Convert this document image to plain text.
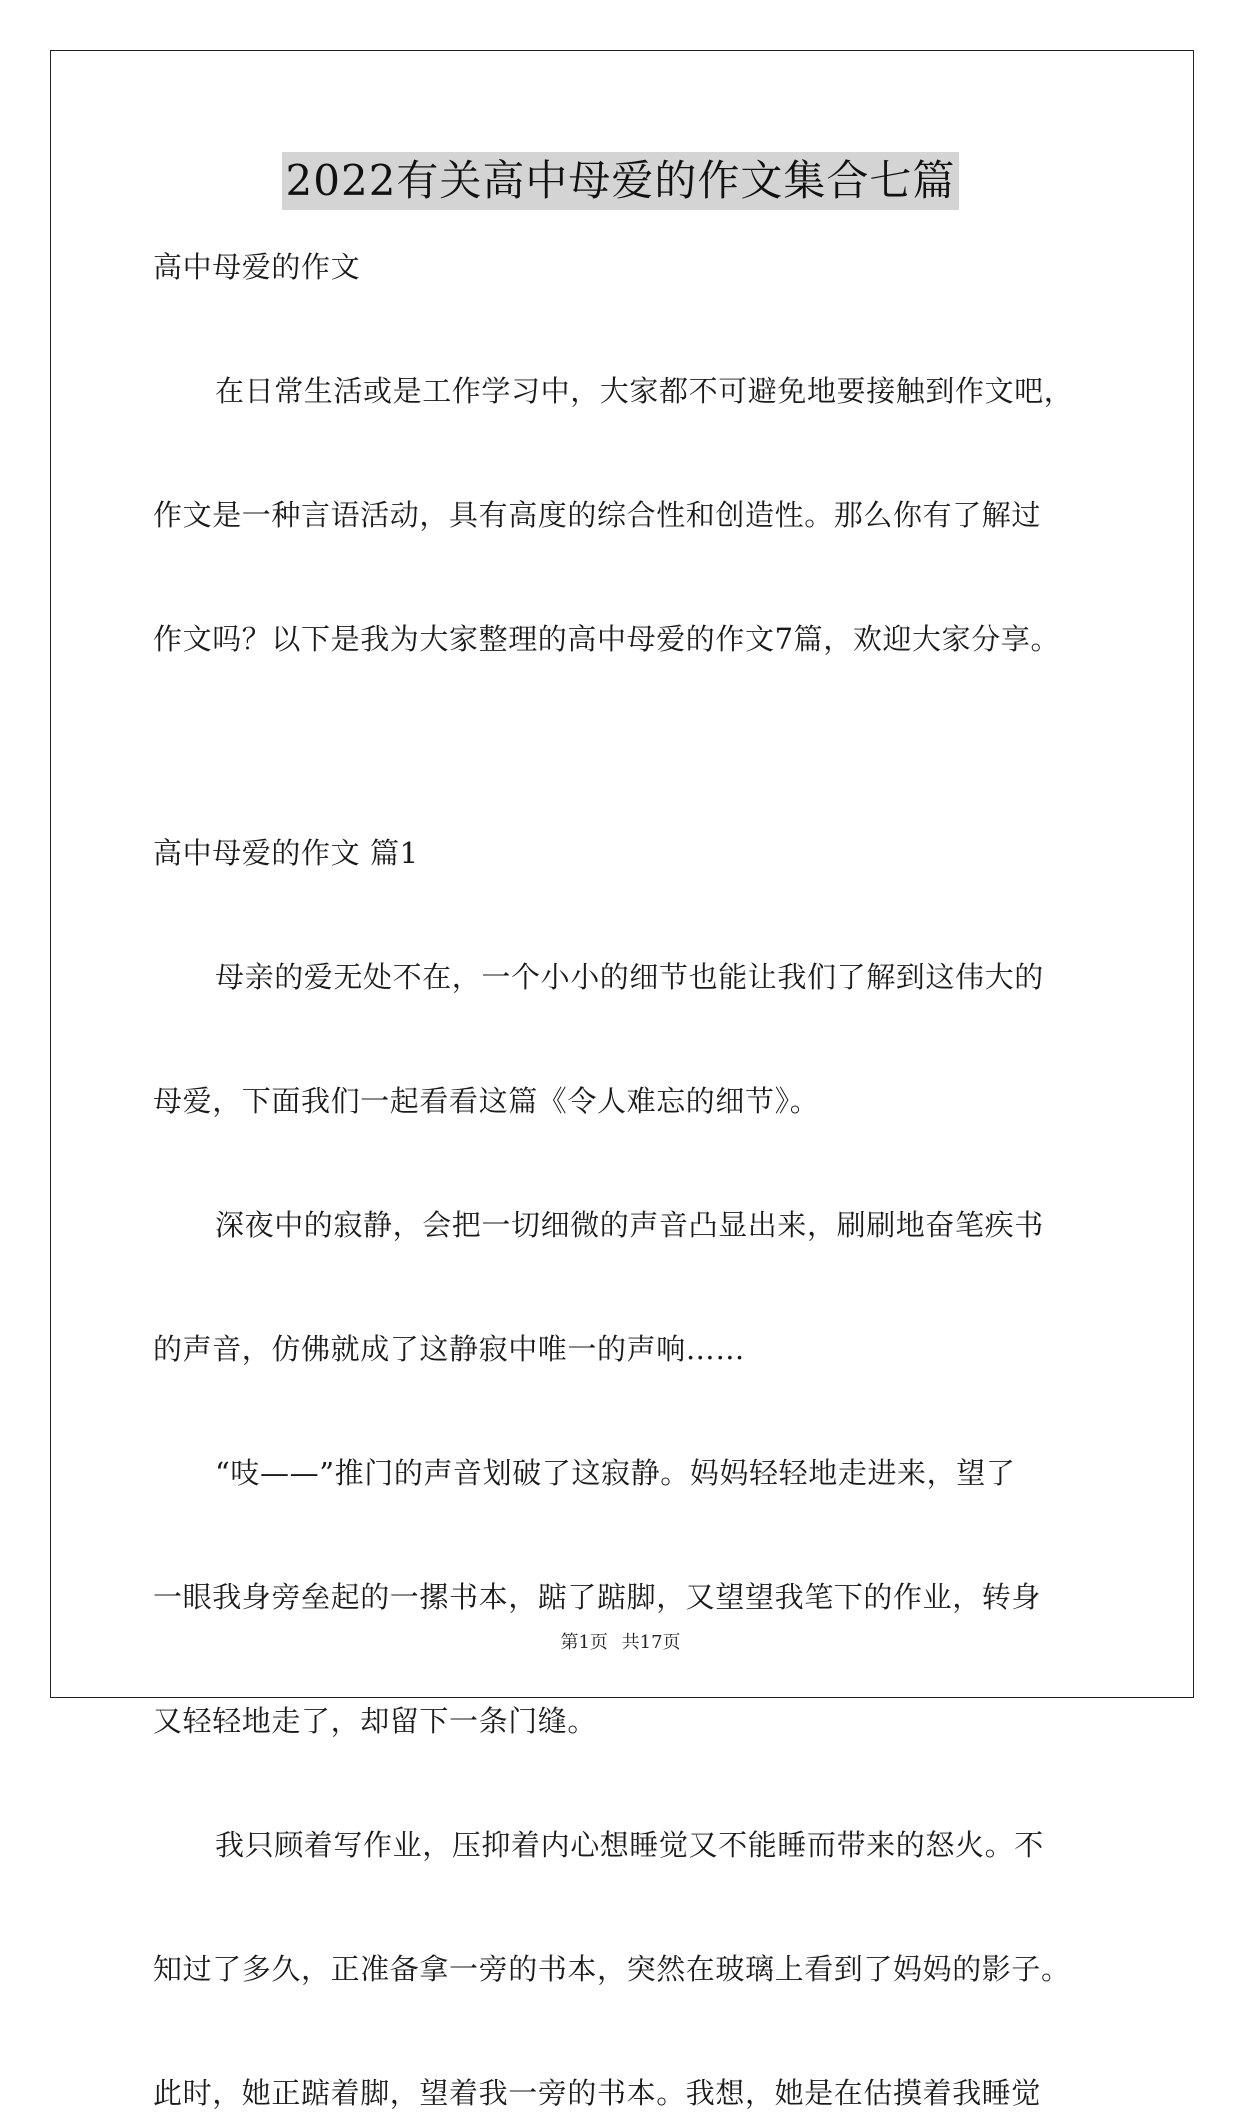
2022有关高中母爱的作文集合七篇
高中母爱的作文
在日常生活或是工作学习中，大家都不可避免地要接触到作文吧，
作文是一种言语活动，具有高度的综合性和创造性。那么你有了解过
作文吗？以下是我为大家整理的高中母爱的作文7篇，欢迎大家分享。
高中母爱的作文 篇1
母亲的爱无处不在，一个小小的细节也能让我们了解到这伟大的
母爱，下面我们一起看看这篇《令人难忘的细节》。
深夜中的寂静，会把一切细微的声音凸显出来，刷刷地奋笔疾书
的声音，仿佛就成了这静寂中唯一的声响……
“吱——”推门的声音划破了这寂静。妈妈轻轻地走进来，望了
一眼我身旁垒起的一摞书本，踮了踮脚，又望望我笔下的作业，转身
又轻轻地走了，却留下一条门缝。
我只顾着写作业，压抑着内心想睡觉又不能睡而带来的怒火。不
知过了多久，正准备拿一旁的书本，突然在玻璃上看到了妈妈的影子。
此时，她正踮着脚，望着我一旁的书本。我想，她是在估摸着我睡觉
第1页 共17页
